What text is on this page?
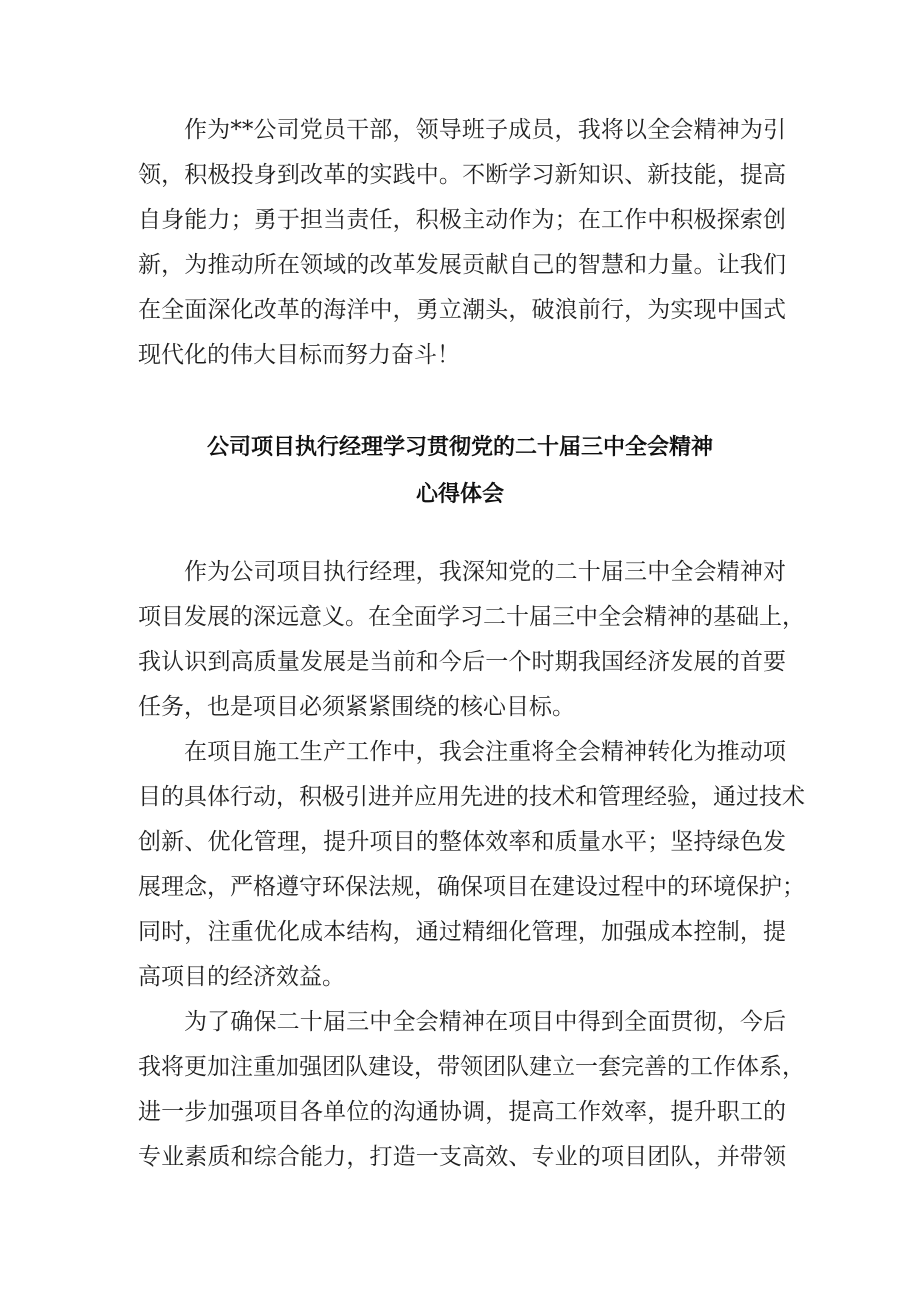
作为**公司党员干部，领导班子成员，我将以全会精神为引
领，积极投身到改革的实践中。不断学习新知识、新技能，提高
自身能力；勇于担当责任，积极主动作为；在工作中积极探索创
新，为推动所在领域的改革发展贡献自己的智慧和力量。让我们
在全面深化改革的海洋中，勇立潮头，破浪前行，为实现中国式
现代化的伟大目标而努力奋斗！
公司项目执行经理学习贯彻党的二十届三中全会精神
心得体会
作为公司项目执行经理，我深知党的二十届三中全会精神对
项目发展的深远意义。在全面学习二十届三中全会精神的基础上，
我认识到高质量发展是当前和今后一个时期我国经济发展的首要
任务，也是项目必须紧紧围绕的核心目标。
在项目施工生产工作中，我会注重将全会精神转化为推动项
目的具体行动，积极引进并应用先进的技术和管理经验，通过技术
创新、优化管理，提升项目的整体效率和质量水平；坚持绿色发
展理念，严格遵守环保法规，确保项目在建设过程中的环境保护；
同时，注重优化成本结构，通过精细化管理，加强成本控制，提
高项目的经济效益。
为了确保二十届三中全会精神在项目中得到全面贯彻，今后
我将更加注重加强团队建设，带领团队建立一套完善的工作体系，
进一步加强项目各单位的沟通协调，提高工作效率，提升职工的
专业素质和综合能力，打造一支高效、专业的项目团队，并带领
